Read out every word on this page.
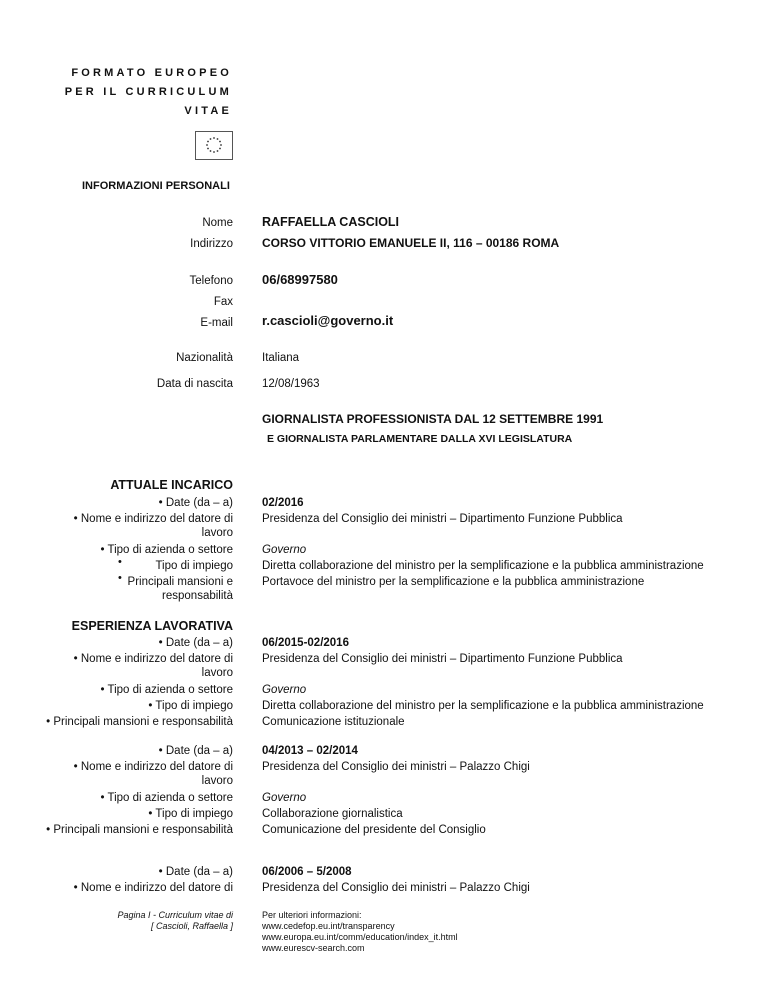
FORMATO EUROPEO
PER IL CURRICULUM
VITAE
INFORMAZIONI PERSONALI
Nome RAFFAELLA CASCIOLI
Indirizzo CORSO VITTORIO EMANUELE II, 116 – 00186 ROMA
Telefono 06/68997580
Fax
E-mail r.cascioli@governo.it
Nazionalità	Italiana
Data di nascita	12/08/1963
GIORNALISTA PROFESSIONISTA DAL 12 SETTEMBRE 1991
E GIORNALISTA PARLAMENTARE DALLA XVI LEGISLATURA
ATTUALE INCARICO
• Date (da – a)
• Nome e indirizzo del datore di
lavoro
• Tipo di azienda o settore
Tipo di impiego
•
Principali mansioni e
•
responsabilità
02/2016
Presidenza del Consiglio dei ministri – Dipartimento Funzione Pubblica
Governo
Diretta collaborazione del ministro per la semplificazione e la pubblica amministrazione
Portavoce del ministro per la semplificazione e la pubblica amministrazione
ESPERIENZA LAVORATIVA
• Date (da – a)
• Nome e indirizzo del datore di
lavoro
• Tipo di azienda o settore
• Tipo di impiego
• Principali mansioni e responsabilità
06/2015-02/2016
Presidenza del Consiglio dei ministri – Dipartimento Funzione Pubblica
Governo
Diretta collaborazione del ministro per la semplificazione e la pubblica amministrazione
Comunicazione istituzionale
• Date (da – a)
• Nome e indirizzo del datore di
lavoro
• Tipo di azienda o settore
• Tipo di impiego
• Principali mansioni e responsabilità
04/2013 – 02/2014
Presidenza del Consiglio dei ministri – Palazzo Chigi
Governo
Collaborazione giornalistica
Comunicazione del presidente del Consiglio
• Date (da – a)
• Nome e indirizzo del datore di
06/2006 – 5/2008
Presidenza del Consiglio dei ministri – Palazzo Chigi
Pagina I - Curriculum vitae di
[ Cascioli, Raffaella ]
Per ulteriori informazioni:
www.cedefop.eu.int/transparency
www.europa.eu.int/comm/education/index_it.html
www.eurescv-search.com
